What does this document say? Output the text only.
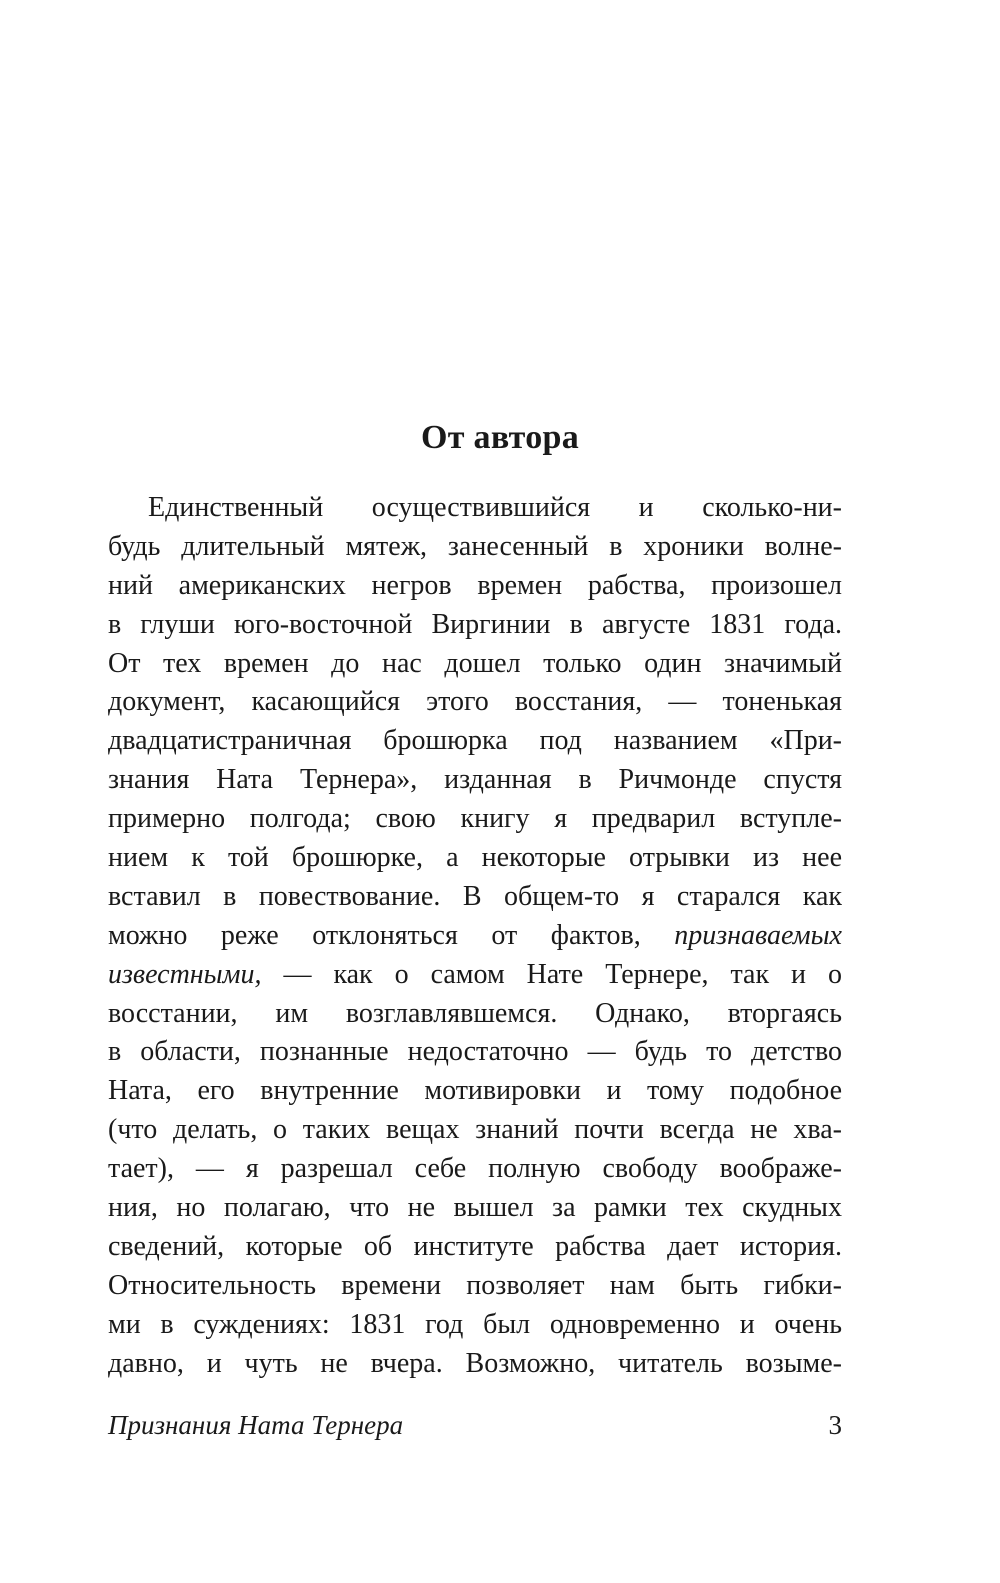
От автора
Единственный осуществившийся и сколько-ни-
будь длительный мятеж, занесенный в хроники волне-
ний американских негров времен рабства, произошел
в глуши юго-восточной Виргинии в августе 1831 года.
От тех времен до нас дошел только один значимый
документ, касающийся этого восстания, — тоненькая
двадцатистраничная брошюрка под названием «При-
знания Ната Тернера», изданная в Ричмонде спустя
примерно полгода; свою книгу я предварил вступле-
нием к той брошюрке, а некоторые отрывки из нее
вставил в повествование. В общем-то я старался как
можно реже отклоняться от фактов, признаваемых
известными, — как о самом Нате Тернере, так и о
восстании, им возглавлявшемся. Однако, вторгаясь
в области, познанные недостаточно — будь то детство
Ната, его внутренние мотивировки и тому подобное
(что делать, о таких вещах знаний почти всегда не хва-
тает), — я разрешал себе полную свободу воображе-
ния, но полагаю, что не вышел за рамки тех скудных
сведений, которые об институте рабства дает история.
Относительность времени позволяет нам быть гибки-
ми в суждениях: 1831 год был одновременно и очень
давно, и чуть не вчера. Возможно, читатель возыме-
Признания Ната Тернера	3
